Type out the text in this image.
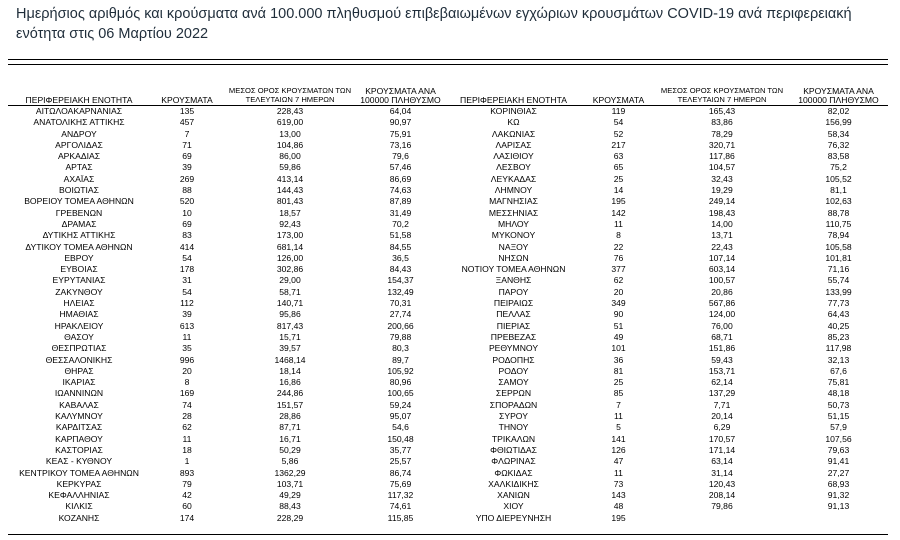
Ημερήσιος αριθμός και κρούσματα ανά 100.000 πληθυσμού επιβεβαιωμένων εγχώριων κρουσμάτων COVID-19 ανά περιφερειακή ενότητα στις 06 Μαρτίου 2022
ΠΕΡΙΦΕΡΕΙΑΚΗ ΕΝΟΤΗΤΑ	ΚΡΟΥΣΜΑΤΑ	ΜΕΣΟΣ ΟΡΟΣ ΚΡΟΥΣΜΑΤΩΝ ΤΩΝ ΤΕΛΕΥΤΑΙΩΝ 7 ΗΜΕΡΩΝ	ΚΡΟΥΣΜΑΤΑ ΑΝΑ 100000 ΠΛΗΘΥΣΜΟ	ΠΕΡΙΦΕΡΕΙΑΚΗ ΕΝΟΤΗΤΑ	ΚΡΟΥΣΜΑΤΑ	ΜΕΣΟΣ ΟΡΟΣ ΚΡΟΥΣΜΑΤΩΝ ΤΩΝ ΤΕΛΕΥΤΑΙΩΝ 7 ΗΜΕΡΩΝ	ΚΡΟΥΣΜΑΤΑ ΑΝΑ 100000 ΠΛΗΘΥΣΜΟ
ΑΙΤΩΛΟΑΚΑΡΝΑΝΙΑΣ	135	228,43	64,04	ΚΟΡΙΝΘΙΑΣ	119	165,43	82,02
ΑΝΑΤΟΛΙΚΗΣ ΑΤΤΙΚΗΣ	457	619,00	90,97	ΚΩ	54	83,86	156,99
ΑΝΔΡΟΥ	7	13,00	75,91	ΛΑΚΩΝΙΑΣ	52	78,29	58,34
ΑΡΓΟΛΙΔΑΣ	71	104,86	73,16	ΛΑΡΙΣΑΣ	217	320,71	76,32
ΑΡΚΑΔΙΑΣ	69	86,00	79,6	ΛΑΣΙΘΙΟΥ	63	117,86	83,58
ΑΡΤΑΣ	39	59,86	57,46	ΛΕΣΒΟΥ	65	104,57	75,2
ΑΧΑΪΑΣ	269	413,14	86,69	ΛΕΥΚΑΔΑΣ	25	32,43	105,52
ΒΟΙΩΤΙΑΣ	88	144,43	74,63	ΛΗΜΝΟΥ	14	19,29	81,1
ΒΟΡΕΙΟΥ ΤΟΜΕΑ ΑΘΗΝΩΝ	520	801,43	87,89	ΜΑΓΝΗΣΙΑΣ	195	249,14	102,63
ΓΡΕΒΕΝΩΝ	10	18,57	31,49	ΜΕΣΣΗΝΙΑΣ	142	198,43	88,78
ΔΡΑΜΑΣ	69	92,43	70,2	ΜΗΛΟΥ	11	14,00	110,75
ΔΥΤΙΚΗΣ ΑΤΤΙΚΗΣ	83	173,00	51,58	ΜΥΚΟΝΟΥ	8	13,71	78,94
ΔΥΤΙΚΟΥ ΤΟΜΕΑ ΑΘΗΝΩΝ	414	681,14	84,55	ΝΑΞΟΥ	22	22,43	105,58
ΕΒΡΟΥ	54	126,00	36,5	ΝΗΣΩΝ	76	107,14	101,81
ΕΥΒΟΙΑΣ	178	302,86	84,43	ΝΟΤΙΟΥ ΤΟΜΕΑ ΑΘΗΝΩΝ	377	603,14	71,16
ΕΥΡΥΤΑΝΙΑΣ	31	29,00	154,37	ΞΑΝΘΗΣ	62	100,57	55,74
ΖΑΚΥΝΘΟΥ	54	58,71	132,49	ΠΑΡΟΥ	20	20,86	133,99
ΗΛΕΙΑΣ	112	140,71	70,31	ΠΕΙΡΑΙΩΣ	349	567,86	77,73
ΗΜΑΘΙΑΣ	39	95,86	27,74	ΠΕΛΛΑΣ	90	124,00	64,43
ΗΡΑΚΛΕΙΟΥ	613	817,43	200,66	ΠΙΕΡΙΑΣ	51	76,00	40,25
ΘΑΣΟΥ	11	15,71	79,88	ΠΡΕΒΕΖΑΣ	49	68,71	85,23
ΘΕΣΠΡΩΤΙΑΣ	35	39,57	80,3	ΡΕΘΥΜΝΟΥ	101	151,86	117,98
ΘΕΣΣΑΛΟΝΙΚΗΣ	996	1468,14	89,7	ΡΟΔΟΠΗΣ	36	59,43	32,13
ΘΗΡΑΣ	20	18,14	105,92	ΡΟΔΟΥ	81	153,71	67,6
ΙΚΑΡΙΑΣ	8	16,86	80,96	ΣΑΜΟΥ	25	62,14	75,81
ΙΩΑΝΝΙΝΩΝ	169	244,86	100,65	ΣΕΡΡΩΝ	85	137,29	48,18
ΚΑΒΑΛΑΣ	74	151,57	59,24	ΣΠΟΡΑΔΩΝ	7	7,71	50,73
ΚΑΛΥΜΝΟΥ	28	28,86	95,07	ΣΥΡΟΥ	11	20,14	51,15
ΚΑΡΔΙΤΣΑΣ	62	87,71	54,6	ΤΗΝΟΥ	5	6,29	57,9
ΚΑΡΠΑΘΟΥ	11	16,71	150,48	ΤΡΙΚΑΛΩΝ	141	170,57	107,56
ΚΑΣΤΟΡΙΑΣ	18	50,29	35,77	ΦΘΙΩΤΙΔΑΣ	126	171,14	79,63
ΚΕΑΣ - ΚΥΘΝΟΥ	1	5,86	25,57	ΦΛΩΡΙΝΑΣ	47	63,14	91,41
ΚΕΝΤΡΙΚΟΥ ΤΟΜΕΑ ΑΘΗΝΩΝ	893	1362,29	86,74	ΦΩΚΙΔΑΣ	11	31,14	27,27
ΚΕΡΚΥΡΑΣ	79	103,71	75,69	ΧΑΛΚΙΔΙΚΗΣ	73	120,43	68,93
ΚΕΦΑΛΛΗΝΙΑΣ	42	49,29	117,32	ΧΑΝΙΩΝ	143	208,14	91,32
ΚΙΛΚΙΣ	60	88,43	74,61	ΧΙΟΥ	48	79,86	91,13
ΚΟΖΑΝΗΣ	174	228,29	115,85	ΥΠΟ ΔΙΕΡΕΥΝΗΣΗ	195		
